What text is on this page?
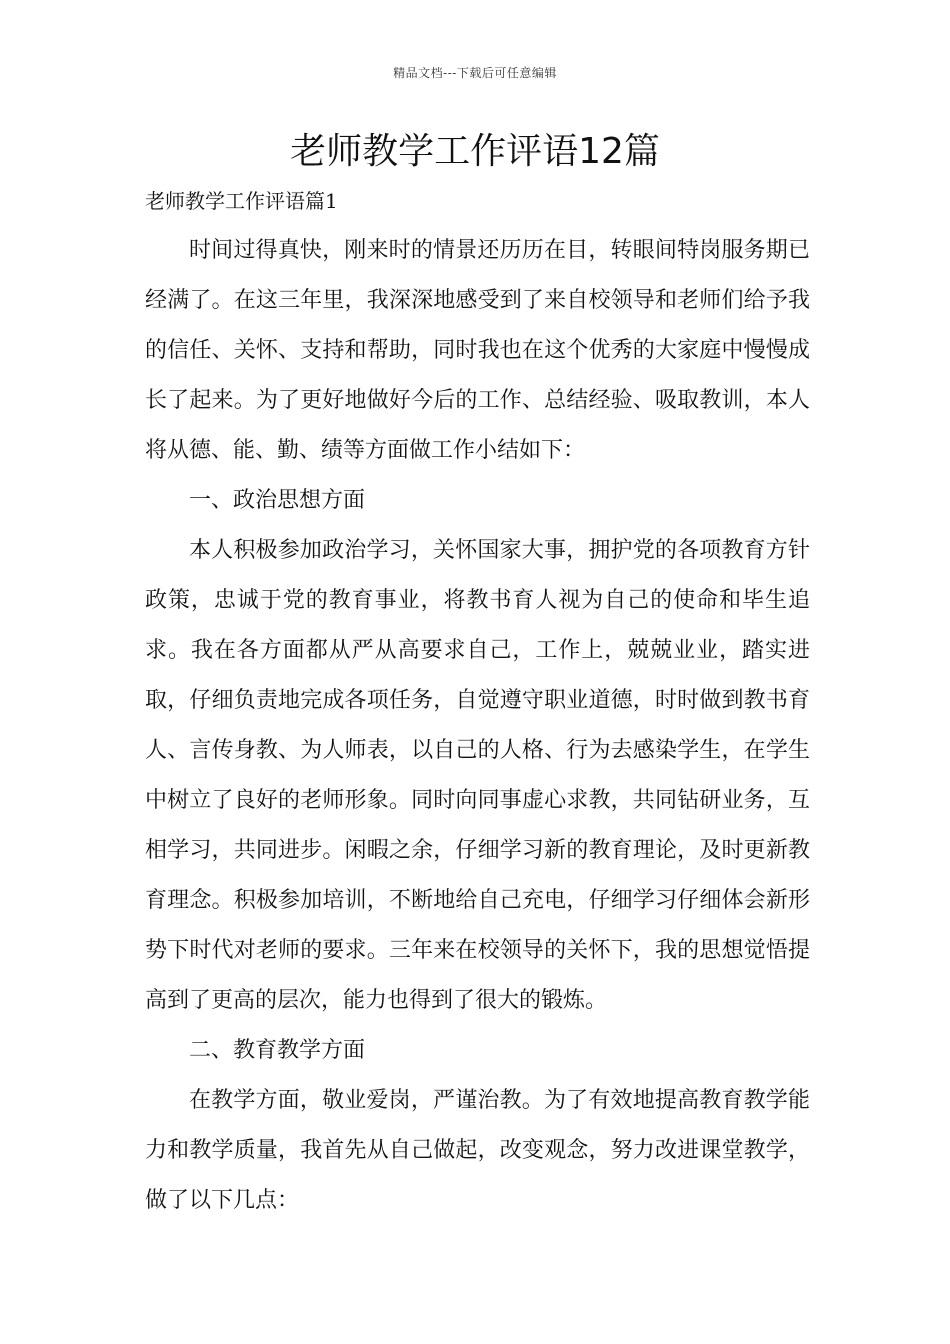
精品文档---下载后可任意编辑
老师教学工作评语12篇

老师教学工作评语篇1

时间过得真快，刚来时的情景还历历在目，转眼间特岗服务期已经满了。在这三年里，我深深地感受到了来自校领导和老师们给予我的信任、关怀、支持和帮助，同时我也在这个优秀的大家庭中慢慢成长了起来。为了更好地做好今后的工作、总结经验、吸取教训，本人将从德、能、勤、绩等方面做工作小结如下：

一、政治思想方面

本人积极参加政治学习，关怀国家大事，拥护党的各项教育方针政策，忠诚于党的教育事业，将教书育人视为自己的使命和毕生追求。我在各方面都从严从高要求自己，工作上，兢兢业业，踏实进取，仔细负责地完成各项任务，自觉遵守职业道德，时时做到教书育人、言传身教、为人师表，以自己的人格、行为去感染学生，在学生中树立了良好的老师形象。同时向同事虚心求教，共同钻研业务，互相学习，共同进步。闲暇之余，仔细学习新的教育理论，及时更新教育理念。积极参加培训，不断地给自己充电，仔细学习仔细体会新形势下时代对老师的要求。三年来在校领导的关怀下，我的思想觉悟提高到了更高的层次，能力也得到了很大的锻炼。

二、教育教学方面

在教学方面，敬业爱岗，严谨治教。为了有效地提高教育教学能力和教学质量，我首先从自己做起，改变观念，努力改进课堂教学，做了以下几点：
